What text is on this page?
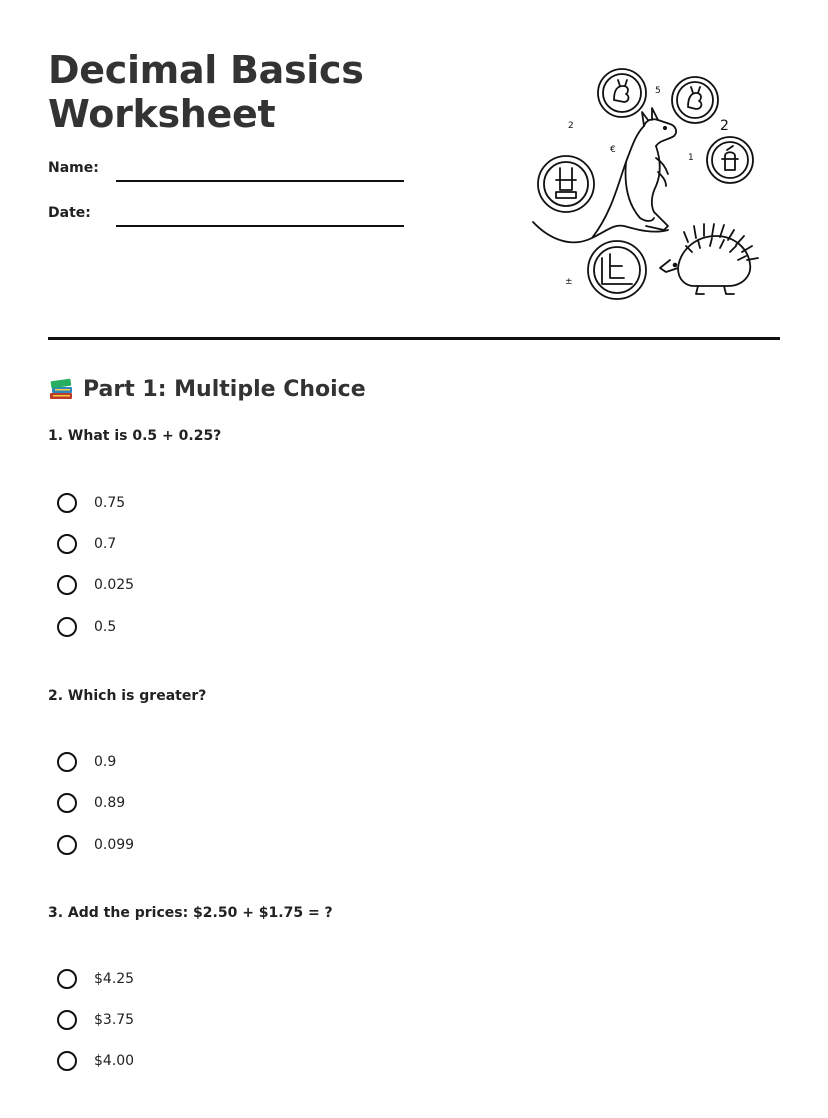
Decimal Basics
Worksheet
Name:
Date:
5
2	2
€
1
±
Part 1: Multiple Choice

1. What is 0.5 + 0.25?

0.75
0.7
0.025
0.5

2. Which is greater?

0.9
0.89
0.099

3. Add the prices: $2.50 + $1.75 = ?

$4.25
$3.75
$4.00
